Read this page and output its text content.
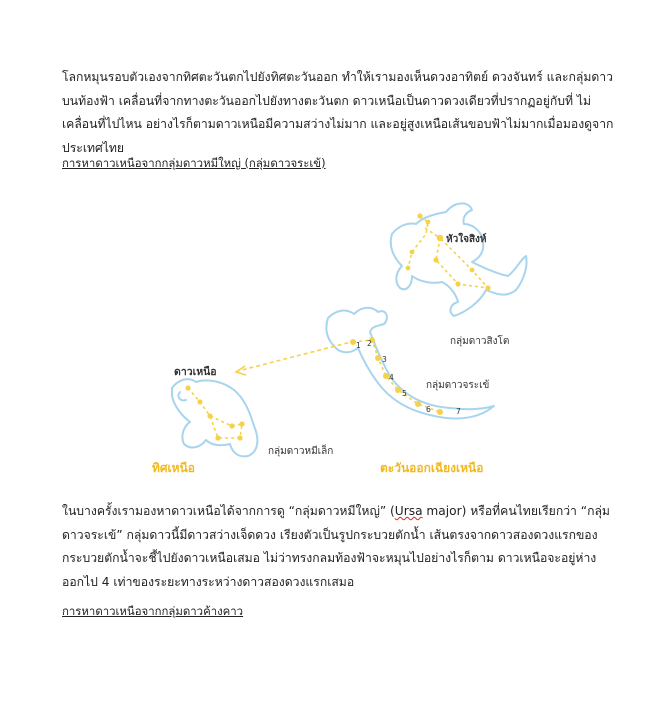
โลกหมุนรอบตัวเองจากทิศตะวันตกไปยังทิศตะวันออก ทำให้เรามองเห็นดวงอาทิตย์ ดวงจันทร์ และกลุ่มดาว
บนท้องฟ้า เคลื่อนที่จากทางตะวันออกไปยังทางตะวันตก ดาวเหนือเป็นดาวดวงเดียวที่ปรากฏอยู่กับที่ ไม่
เคลื่อนที่ไปไหน อย่างไรก็ตามดาวเหนือมีความสว่างไม่มาก และอยู่สูงเหนือเส้นขอบฟ้าไม่มากเมื่อมองดูจาก
ประเทศไทย

การหาดาวเหนือจากกลุ่มดาวหมีใหญ่ (กลุ่มดาวจระเข้)
หัวใจสิงห์
กลุ่มดาวสิงโต
ดาวเหนือ
กลุ่มดาวจระเข้
กลุ่มดาวหมีเล็ก
ทิศเหนือ	ตะวันออกเฉียงเหนือ
1 2
3
4
5
6	7

ในบางครั้งเรามองหาดาวเหนือได้จากการดู “กลุ่มดาวหมีใหญ่” (Ursa major) หรือที่คนไทยเรียกว่า “กลุ่ม
ดาวจระเข้” กลุ่มดาวนี้มีดาวสว่างเจ็ดดวง เรียงตัวเป็นรูปกระบวยตักน้ำ เส้นตรงจากดาวสองดวงแรกของ
กระบวยตักน้ำจะชี้ไปยังดาวเหนือเสมอ ไม่ว่าทรงกลมท้องฟ้าจะหมุนไปอย่างไรก็ตาม ดาวเหนือจะอยู่ห่าง
ออกไป 4 เท่าของระยะทางระหว่างดาวสองดวงแรกเสมอ

การหาดาวเหนือจากกลุ่มดาวค้างคาว
